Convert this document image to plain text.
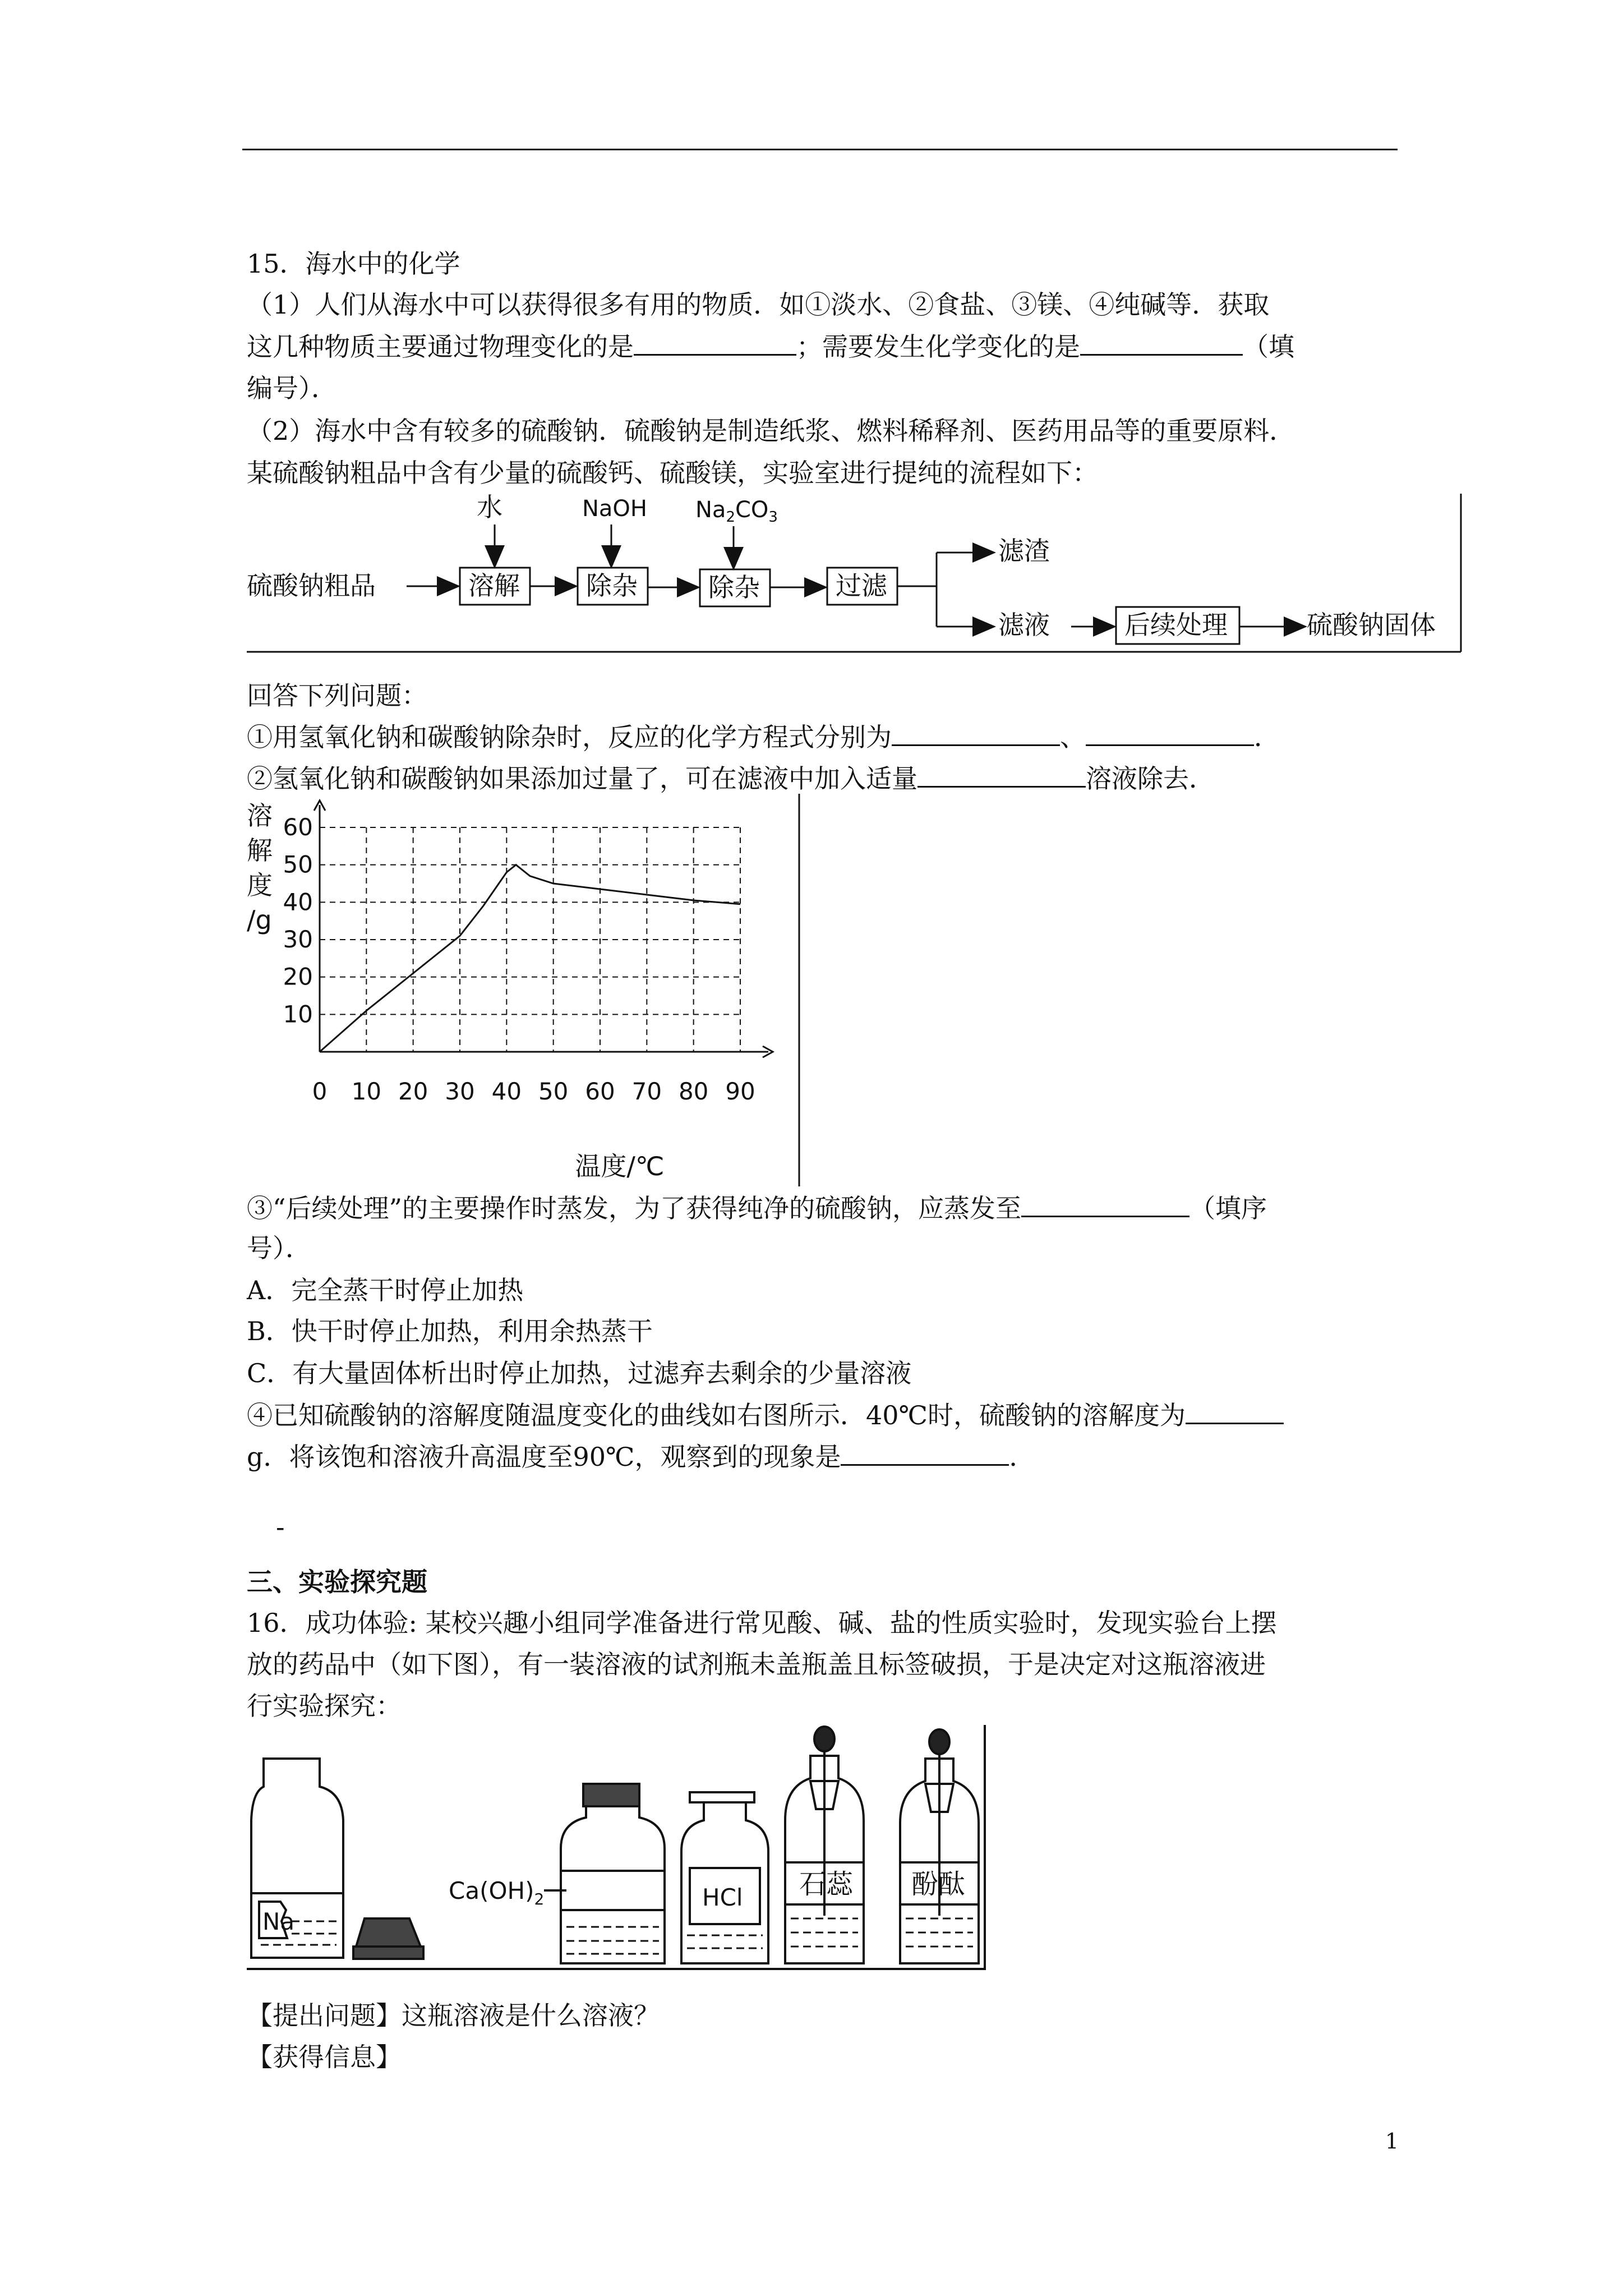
15．海水中的化学
（1）人们从海水中可以获得很多有用的物质．如①淡水、②食盐、③镁、④纯碱等．获取
这几种物质主要通过物理变化的是	；需要发生化学变化的是	（填
编号）．
（2）海水中含有较多的硫酸钠．硫酸钠是制造纸浆、燃料稀释剂、医药用品等的重要原料．
某硫酸钠粗品中含有少量的硫酸钙、硫酸镁，实验室进行提纯的流程如下：
硫酸钠粗品
水	NaOH $Na_2CO_3$
溶解	除杂	除杂	过滤
滤渣
滤液	后续处理	硫酸钠固体
回答下列问题：
①用氢氧化钠和碳酸钠除杂时，反应的化学方程式分别为	、	．
②氢氧化钠和碳酸钠如果添加过量了，可在滤液中加入适量	溶液除去．
溶
解
度
/g
10
20
30
40
50
60
0 10 20 30 40 50 60 70 80 90
温度/℃
③“后续处理”的主要操作时蒸发，为了获得纯净的硫酸钠，应蒸发至	（填序
号）．
A．完全蒸干时停止加热
B．快干时停止加热，利用余热蒸干
C．有大量固体析出时停止加热，过滤弃去剩余的少量溶液
④已知硫酸钠的溶解度随温度变化的曲线如右图所示．40℃时，硫酸钠的溶解度为
g．将该饱和溶液升高温度至90℃，观察到的现象是	．
-
三、实验探究题
16．成功体验: 某校兴趣小组同学准备进行常见酸、碱、盐的性质实验时，发现实验台上摆
放的药品中（如下图），有一装溶液的试剂瓶未盖瓶盖且标签破损，于是决定对这瓶溶液进
行实验探究：
Na
$Ca(OH)_2$	HCl 石蕊 酚酞
【提出问题】这瓶溶液是什么溶液？
【获得信息】
1
